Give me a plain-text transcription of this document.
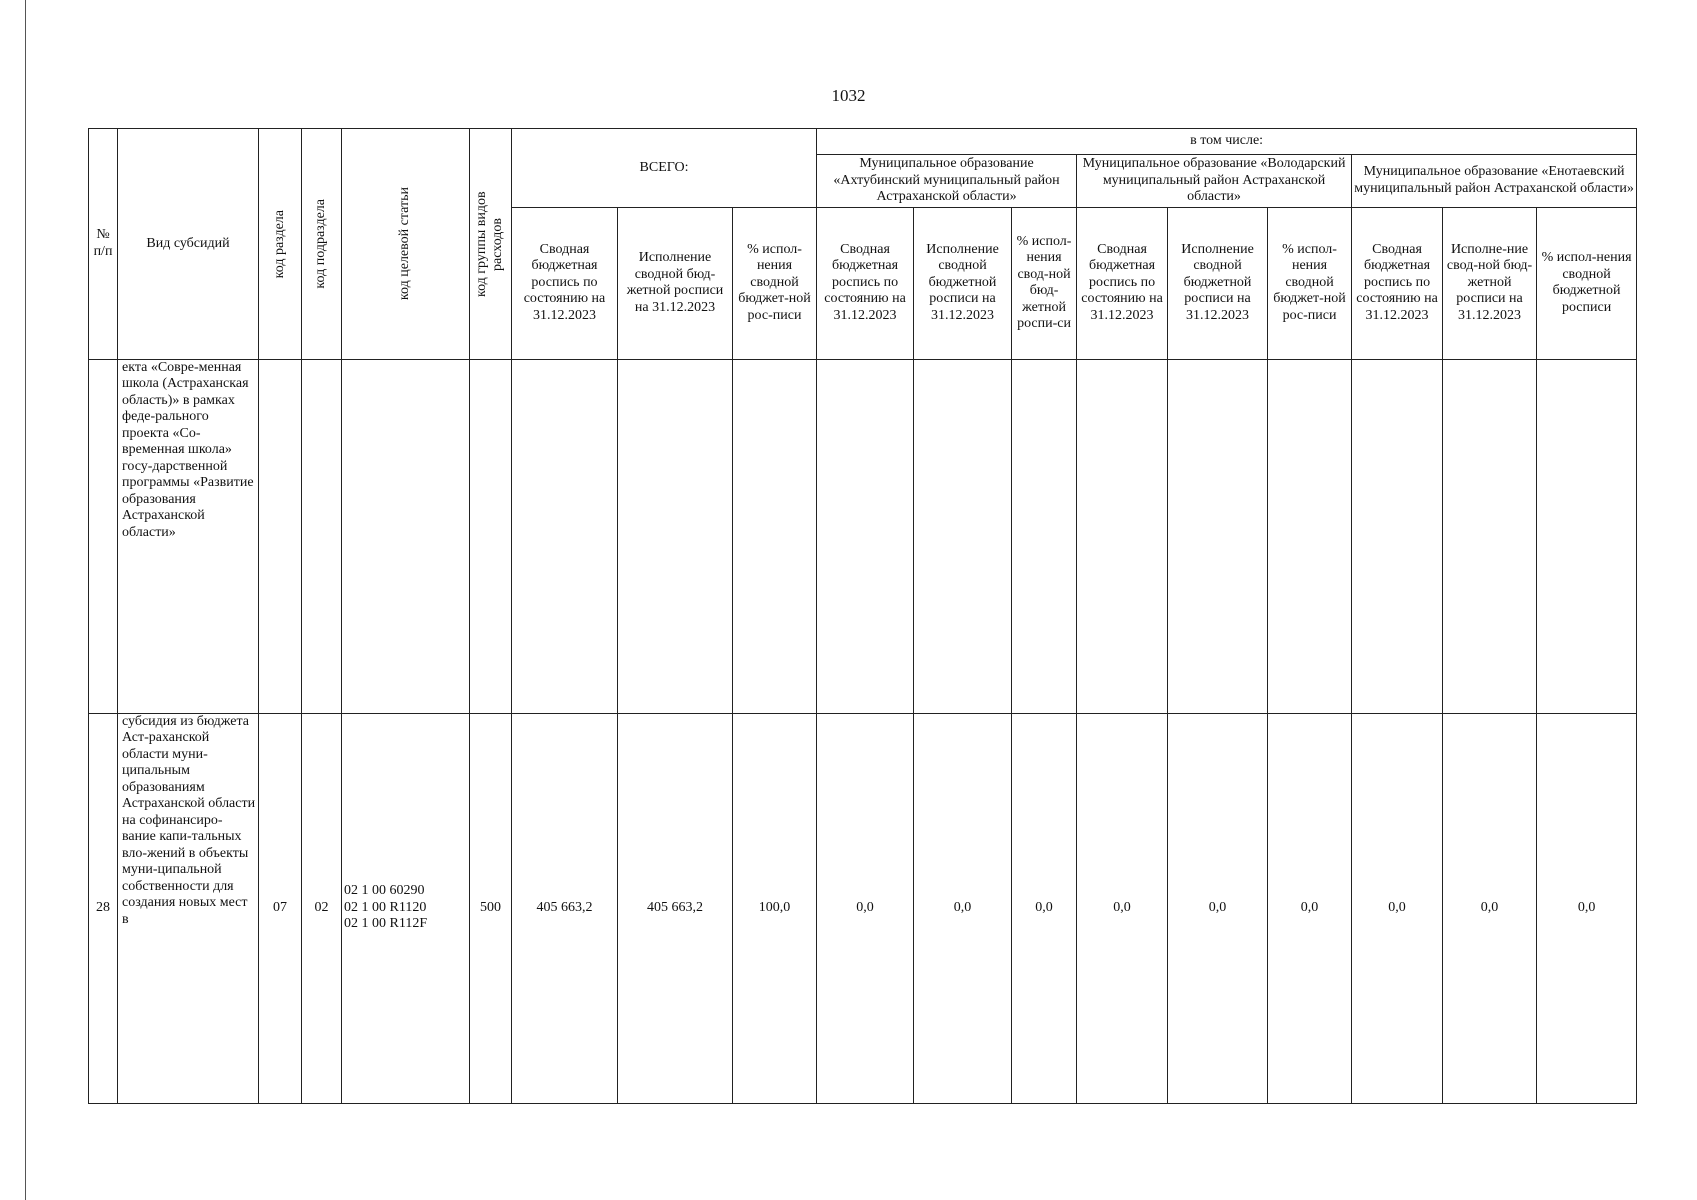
1032
№ п/п	Вид субсидий	код раздела	код подраздела	код целевой статьи	код группы видов расходов	ВСЕГО:			в том числе:								
									Муниципальное образование «Ахтубинский муниципальный район Астраханской области»			Муниципальное образование «Володарский муниципальный район Астраханской области»			Муниципальное образование «Енотаевский муниципальный район Астраханской области»		
						Сводная бюджетная роспись по состоянию на 31.12.2023	Исполнение сводной бюд-жетной росписи на 31.12.2023	% испол-нения сводной бюджет-ной рос-писи	Сводная бюджетная роспись по состоянию на 31.12.2023	Исполнение сводной бюджетной росписи на 31.12.2023	% испол-нения свод-ной бюд-жетной роспи-си	Сводная бюджетная роспись по состоянию на 31.12.2023	Исполнение сводной бюджетной росписи на 31.12.2023	% испол-нения сводной бюджет-ной рос-писи	Сводная бюджетная роспись по состоянию на 31.12.2023	Исполне-ние свод-ной бюд-жетной росписи на 31.12.2023	% испол-нения сводной бюджетной росписи
	екта «Совре-менная школа (Астраханская область)» в рамках феде-рального проекта «Со-временная школа» госу-дарственной программы «Развитие образования Астраханской области»																
28	субсидия из бюджета Аст-раханской области муни-ципальным образованиям Астраханской области на софинансиро-вание капи-тальных вло-жений в объекты муни-ципальной собственности для создания новых мест в	07	02	02 1 00 60290
02 1 00 R1120
02 1 00 R112F	500	405 663,2	405 663,2	100,0	0,0	0,0	0,0	0,0	0,0	0,0	0,0	0,0	0,0
